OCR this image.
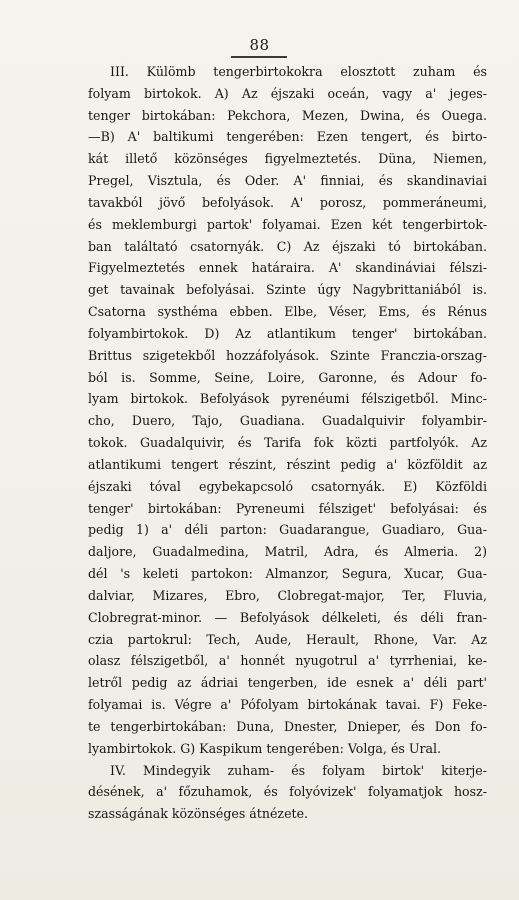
88
III. Külömb tengerbirtokokra elosztott zuham és
folyam birtokok. A) Az éjszaki oceán, vagy a' jeges-
tenger birtokában: Pekchora, Mezen, Dwina, és Ouega.
—B) A' baltikumi tengerében: Ezen tengert, és birto-
kát illető közönséges figyelmeztetés. Düna, Niemen,
Pregel, Visztula, és Oder. A' finniai, és skandinaviai
tavakból jövő befolyások. A' porosz, pommeráneumi,
és meklemburgi partok' folyamai. Ezen két tengerbirtok-
ban találtató csatornyák. C) Az éjszaki tó birtokában.
Figyelmeztetés ennek határaira. A' skandináviai félszi-
get tavainak befolyásai. Szinte úgy Nagybrittaniából is.
Csatorna systhéma ebben. Elbe, Véser, Ems, és Rénus
folyambirtokok. D) Az atlantikum tenger' birtokában.
Brittus szigetekből hozzáfolyások. Szinte Franczia-orszag-
ból is. Somme, Seine, Loire, Garonne, és Adour fo-
lyam birtokok. Befolyások pyrenéumi félszigetből. Minc-
cho, Duero, Tajo, Guadiana. Guadalquivir folyambir-
tokok. Guadalquivir, és Tarifa fok közti partfolyók. Az
atlantikumi tengert részint, részint pedig a' közföldit az
éjszaki tóval egybekapcsoló csatornyák. E) Közföldi
tenger' birtokában: Pyreneumi félsziget' befolyásai: és
pedig 1) a' déli parton: Guadarangue, Guadiaro, Gua-
daljore, Guadalmedina, Matril, Adra, és Almeria. 2)
dél 's keleti partokon: Almanzor, Segura, Xucar, Gua-
dalviar, Mizares, Ebro, Clobregat-major, Ter, Fluvia,
Clobregrat-minor. — Befolyások délkeleti, és déli fran-
czia partokrul: Tech, Aude, Herault, Rhone, Var. Az
olasz félszigetből, a' honnét nyugotrul a' tyrrheniai, ke-
letről pedig az ádriai tengerben, ide esnek a' déli part'
folyamai is. Végre a' Pófolyam birtokának tavai. F) Feke-
te tengerbirtokában: Duna, Dnester, Dnieper, és Don fo-
lyambirtokok. G) Kaspikum tengerében: Volga, és Ural.
IV. Mindegyik zuham- és folyam birtok' kiterje-
désének, a' főzuhamok, és folyóvizek' folyamatjok hosz-
szasságának közönséges átnézete.
